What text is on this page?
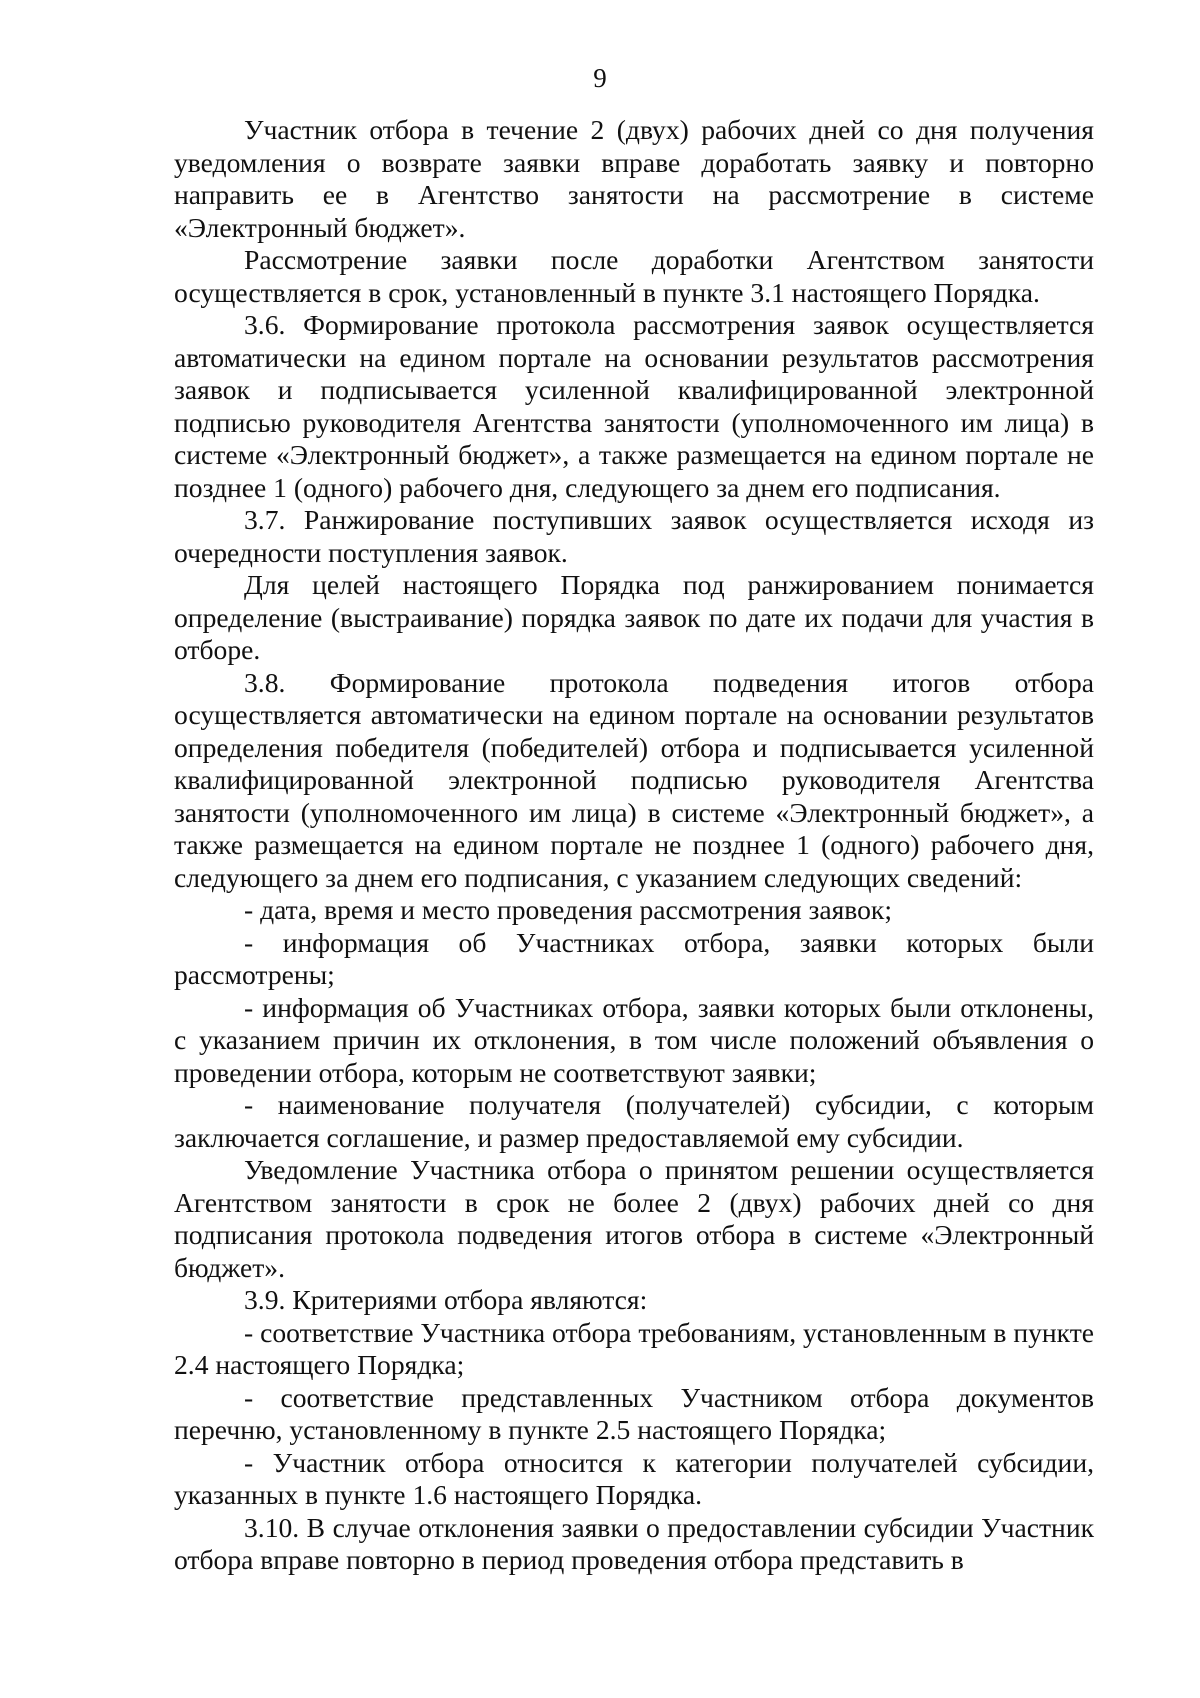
9

Участник отбора в течение 2 (двух) рабочих дней со дня получения уведомления о возврате заявки вправе доработать заявку и повторно направить ее в Агентство занятости на рассмотрение в системе «Электронный бюджет».

Рассмотрение заявки после доработки Агентством занятости осуществляется в срок, установленный в пункте 3.1 настоящего Порядка.

3.6. Формирование протокола рассмотрения заявок осуществляется автоматически на едином портале на основании результатов рассмотрения заявок и подписывается усиленной квалифицированной электронной подписью руководителя Агентства занятости (уполномоченного им лица) в системе «Электронный бюджет», а также размещается на едином портале не позднее 1 (одного) рабочего дня, следующего за днем его подписания.

3.7. Ранжирование поступивших заявок осуществляется исходя из очередности поступления заявок.

Для целей настоящего Порядка под ранжированием понимается определение (выстраивание) порядка заявок по дате их подачи для участия в отборе.

3.8. Формирование протокола подведения итогов отбора осуществляется автоматически на едином портале на основании результатов определения победителя (победителей) отбора и подписывается усиленной квалифицированной электронной подписью руководителя Агентства занятости (уполномоченного им лица) в системе «Электронный бюджет», а также размещается на едином портале не позднее 1 (одного) рабочего дня, следующего за днем его подписания, с указанием следующих сведений:

- дата, время и место проведения рассмотрения заявок;

- информация об Участниках отбора, заявки которых были рассмотрены;

- информация об Участниках отбора, заявки которых были отклонены, с указанием причин их отклонения, в том числе положений объявления о проведении отбора, которым не соответствуют заявки;

- наименование получателя (получателей) субсидии, с которым заключается соглашение, и размер предоставляемой ему субсидии.

Уведомление Участника отбора о принятом решении осуществляется Агентством занятости в срок не более 2 (двух) рабочих дней со дня подписания протокола подведения итогов отбора в системе «Электронный бюджет».

3.9. Критериями отбора являются:

- соответствие Участника отбора требованиям, установленным в пункте 2.4 настоящего Порядка;

- соответствие представленных Участником отбора документов перечню, установленному в пункте 2.5 настоящего Порядка;

- Участник отбора относится к категории получателей субсидии, указанных в пункте 1.6 настоящего Порядка.

3.10. В случае отклонения заявки о предоставлении субсидии Участник отбора вправе повторно в период проведения отбора представить в
